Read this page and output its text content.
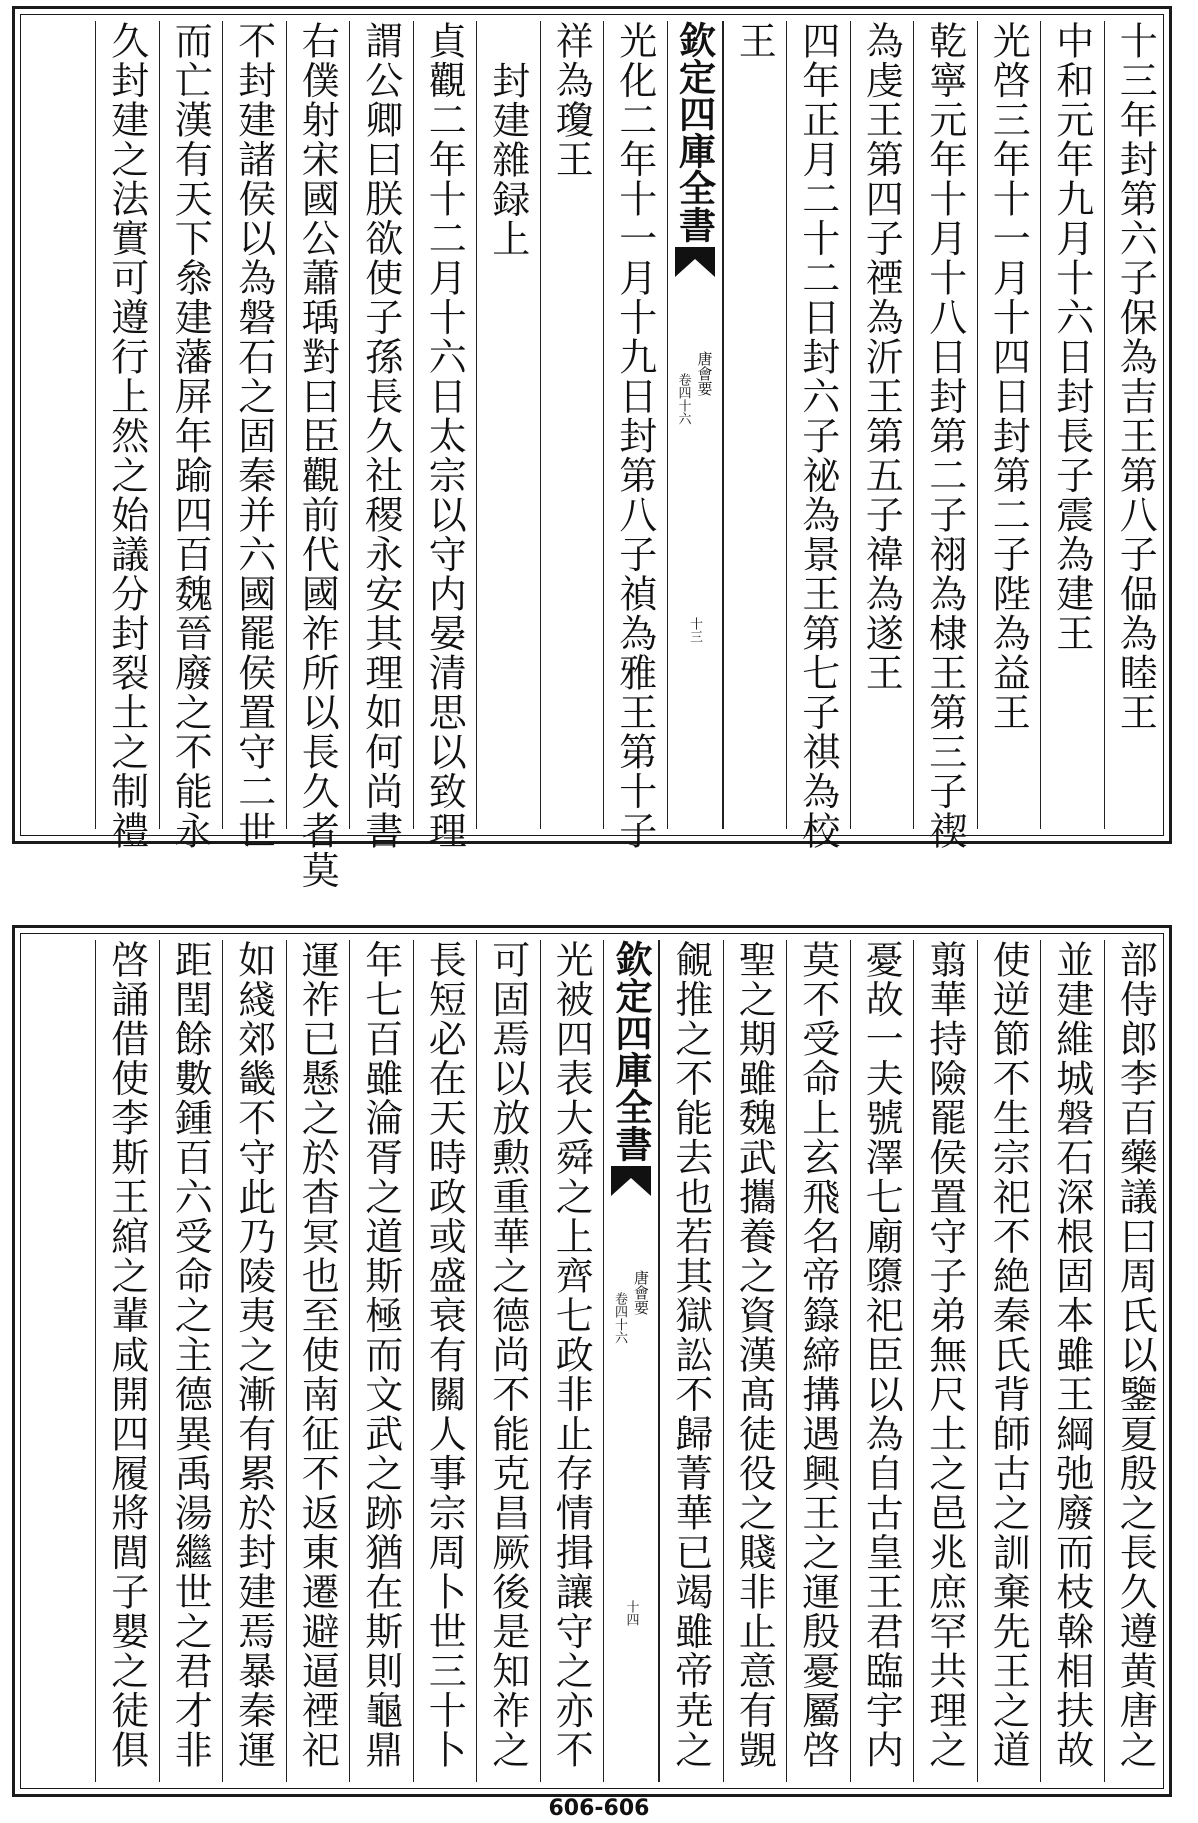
十三年封第六子保為吉王第八子偘為睦王
中和元年九月十六日封長子震為建王
光啓三年十一月十四日封第二子陛為益王
乾寧元年十月十八日封第二子祤為棣王第三子禊
為虔王第四子禋為沂王第五子禕為遂王
四年正月二十二日封六子祕為景王第七子祺為校
王
欽定四庫全書
唐會要
卷四十六
十三
光化二年十一月十九日封第八子禎為雅王第十子
祥為瓊王
封建雜録上
貞觀二年十二月十六日太宗以守内晏清思以致理
謂公卿曰朕欲使子孫長久社稷永安其理如何尚書
右僕射宋國公蕭瑀對曰臣觀前代國祚所以長久者莫
不封建諸侯以為磐石之固秦并六國罷侯置守二世
而亡漢有天下叅建藩屏年踰四百魏晉廢之不能永
久封建之法實可遵行上然之始議分封裂土之制禮
部侍郎李百藥議曰周氏以鑒夏殷之長久遵黄唐之
並建維城磐石深根固本雖王綱弛廢而枝榦相扶故
使逆節不生宗祀不絶秦氏背師古之訓棄先王之道
翦華持險罷侯置守子弟無尺土之邑兆庶罕共理之
憂故一夫號澤七廟隳祀臣以為自古皇王君臨宇内
莫不受命上玄飛名帝籙締搆遇興王之運殷憂屬啓
聖之期雖魏武攜養之資漢髙徒役之賤非止意有覬
覦推之不能去也若其獄訟不歸菁華已竭雖帝尭之
欽定四庫全書
唐會要
卷四十六
十四
光被四表大舜之上齊七政非止存情揖讓守之亦不
可固焉以放勲重華之德尚不能克昌厥後是知祚之
長短必在天時政或盛衰有關人事宗周卜世三十卜
年七百雖淪胥之道斯極而文武之跡猶在斯則龜鼎
運祚已懸之於杳冥也至使南征不返東遷避逼禋祀
如綫郊畿不守此乃陵夷之漸有累於封建焉暴秦運
距閏餘數鍾百六受命之主德異禹湯繼世之君才非
啓誦借使李斯王綰之輩咸開四履將閭子嬰之徒俱
606-606
